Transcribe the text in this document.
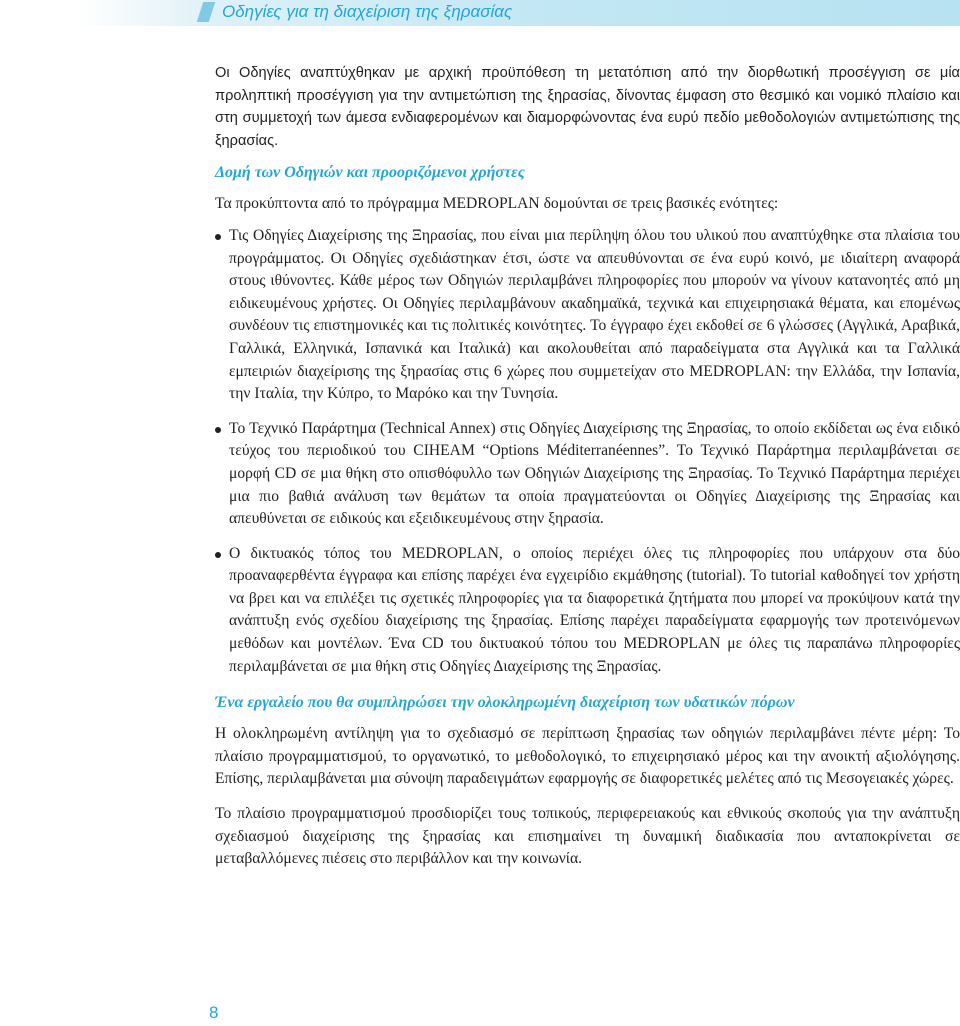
Οδηγίες για τη διαχείριση της ξηρασίας

Οι Οδηγίες αναπτύχθηκαν με αρχική προϋπόθεση τη μετατόπιση από την διορθωτική προσέγγιση σε μία προληπτική προσέγγιση για την αντιμετώπιση της ξηρασίας, δίνοντας έμφαση στο θεσμικό και νομικό πλαίσιο και στη συμμετοχή των άμεσα ενδιαφερομένων και διαμορφώνοντας ένα ευρύ πεδίο μεθοδολογιών αντιμετώπισης της ξηρασίας.

Δομή των Οδηγιών και προοριζόμενοι χρήστες

Τα προκύπτοντα από το πρόγραμμα MEDROPLAN δομούνται σε τρεις βασικές ενότητες:

Τις Οδηγίες Διαχείρισης της Ξηρασίας, που είναι μια περίληψη όλου του υλικού που αναπτύχθηκε στα πλαίσια του προγράμματος. Οι Οδηγίες σχεδιάστηκαν έτσι, ώστε να απευθύνονται σε ένα ευρύ κοινό, με ιδιαίτερη αναφορά στους ιθύνοντες. Κάθε μέρος των Οδηγιών περιλαμβάνει πληροφορίες που μπορούν να γίνουν κατανοητές από μη ειδικευμένους χρήστες. Οι Οδηγίες περιλαμβάνουν ακαδημαϊκά, τεχνικά και επιχειρησιακά θέματα, και επομένως συνδέουν τις επιστημονικές και τις πολιτικές κοινότητες. Το έγγραφο έχει εκδοθεί σε 6 γλώσσες (Αγγλικά, Αραβικά, Γαλλικά, Ελληνικά, Ισπανικά και Ιταλικά) και ακολουθείται από παραδείγματα στα Αγγλικά και τα Γαλλικά εμπειριών διαχείρισης της ξηρασίας στις 6 χώρες που συμμετείχαν στο MEDROPLAN: την Ελλάδα, την Ισπανία, την Ιταλία, την Κύπρο, το Μαρόκο και την Τυνησία.

Το Τεχνικό Παράρτημα (Technical Annex) στις Οδηγίες Διαχείρισης της Ξηρασίας, το οποίο εκδίδεται ως ένα ειδικό τεύχος του περιοδικού του CIHEAM “Options Méditerranéennes”. Το Τεχνικό Παράρτημα περιλαμβάνεται σε μορφή CD σε μια θήκη στο οπισθόφυλλο των Οδηγιών Διαχείρισης της Ξηρασίας. Το Τεχνικό Παράρτημα περιέχει μια πιο βαθιά ανάλυση των θεμάτων τα οποία πραγματεύονται οι Οδηγίες Διαχείρισης της Ξηρασίας και απευθύνεται σε ειδικούς και εξειδικευμένους στην ξηρασία.

Ο δικτυακός τόπος του MEDROPLAN, ο οποίος περιέχει όλες τις πληροφορίες που υπάρχουν στα δύο προαναφερθέντα έγγραφα και επίσης παρέχει ένα εγχειρίδιο εκμάθησης (tutorial). Το tutorial καθοδηγεί τον χρήστη να βρει και να επιλέξει τις σχετικές πληροφορίες για τα διαφορετικά ζητήματα που μπορεί να προκύψουν κατά την ανάπτυξη ενός σχεδίου διαχείρισης της ξηρασίας. Επίσης παρέχει παραδείγματα εφαρμογής των προτεινόμενων μεθόδων και μοντέλων. Ένα CD του δικτυακού τόπου του MEDROPLAN με όλες τις παραπάνω πληροφορίες περιλαμβάνεται σε μια θήκη στις Οδηγίες Διαχείρισης της Ξηρασίας.

Ένα εργαλείο που θα συμπληρώσει την ολοκληρωμένη διαχείριση των υδατικών πόρων

Η ολοκληρωμένη αντίληψη για το σχεδιασμό σε περίπτωση ξηρασίας των οδηγιών περιλαμβάνει πέντε μέρη: Το πλαίσιο προγραμματισμού, το οργανωτικό, το μεθοδολογικό, το επιχειρησιακό μέρος και την ανοικτή αξιολόγησης. Επίσης, περιλαμβάνεται μια σύνοψη παραδειγμάτων εφαρμογής σε διαφορετικές μελέτες από τις Μεσογειακές χώρες.

Το πλαίσιο προγραμματισμού προσδιορίζει τους τοπικούς, περιφερειακούς και εθνικούς σκοπούς για την ανάπτυξη σχεδιασμού διαχείρισης της ξηρασίας και επισημαίνει τη δυναμική διαδικασία που ανταποκρίνεται σε μεταβαλλόμενες πιέσεις στο περιβάλλον και την κοινωνία.

8
